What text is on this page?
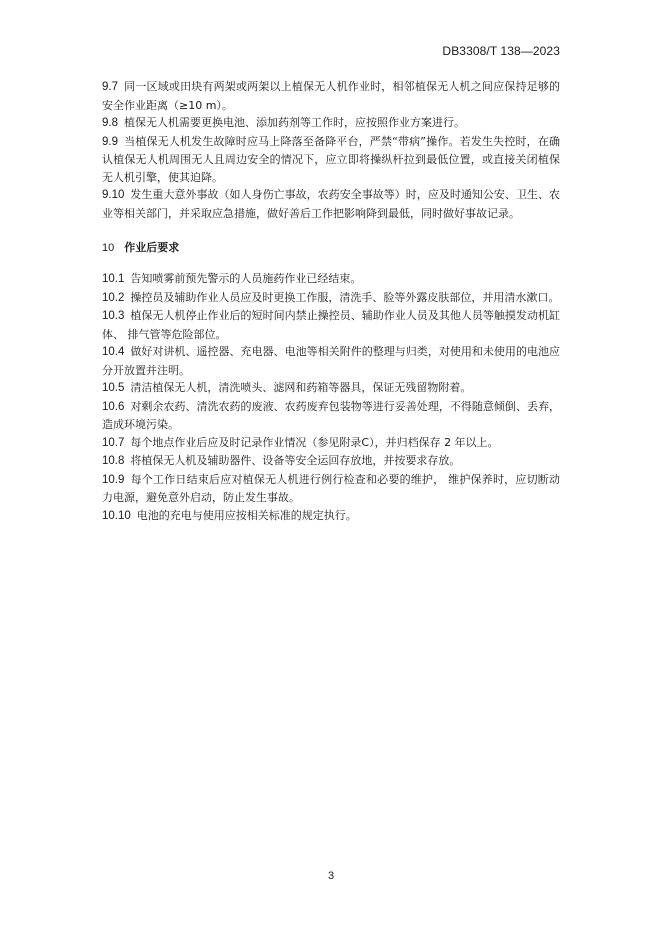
DB3308/T 138—2023
9.7 同一区域或田块有两架或两架以上植保无人机作业时，相邻植保无人机之间应保持足够的安全作业距离（≥10 m）。
9.8 植保无人机需要更换电池、添加药剂等工作时，应按照作业方案进行。
9.9 当植保无人机发生故障时应马上降落至备降平台，严禁“带病”操作。若发生失控时，在确认植保无人机周围无人且周边安全的情况下，应立即将操纵杆拉到最低位置，或直接关闭植保无人机引擎，使其迫降。
9.10 发生重大意外事故（如人身伤亡事故，农药安全事故等）时，应及时通知公安、卫生、农业等相关部门，并采取应急措施，做好善后工作把影响降到最低，同时做好事故记录。
10 作业后要求
10.1 告知喷雾前预先警示的人员施药作业已经结束。
10.2 操控员及辅助作业人员应及时更换工作服，清洗手、脸等外露皮肤部位，并用清水漱口。
10.3 植保无人机停止作业后的短时间内禁止操控员、辅助作业人员及其他人员等触摸发动机缸体、 排气管等危险部位。
10.4 做好对讲机、遥控器、充电器、电池等相关附件的整理与归类，对使用和未使用的电池应分开放置并注明。
10.5 清洁植保无人机，清洗喷头、滤网和药箱等器具，保证无残留物附着。
10.6 对剩余农药、清洗农药的废液、农药废弃包装物等进行妥善处理，不得随意倾倒、丢弃，造成环境污染。
10.7 每个地点作业后应及时记录作业情况（参见附录C），并归档保存 2 年以上。
10.8 将植保无人机及辅助器件、设备等安全运回存放地，并按要求存放。
10.9 每个工作日结束后应对植保无人机进行例行检查和必要的维护， 维护保养时，应切断动力电源，避免意外启动，防止发生事故。
10.10 电池的充电与使用应按相关标准的规定执行。
3
